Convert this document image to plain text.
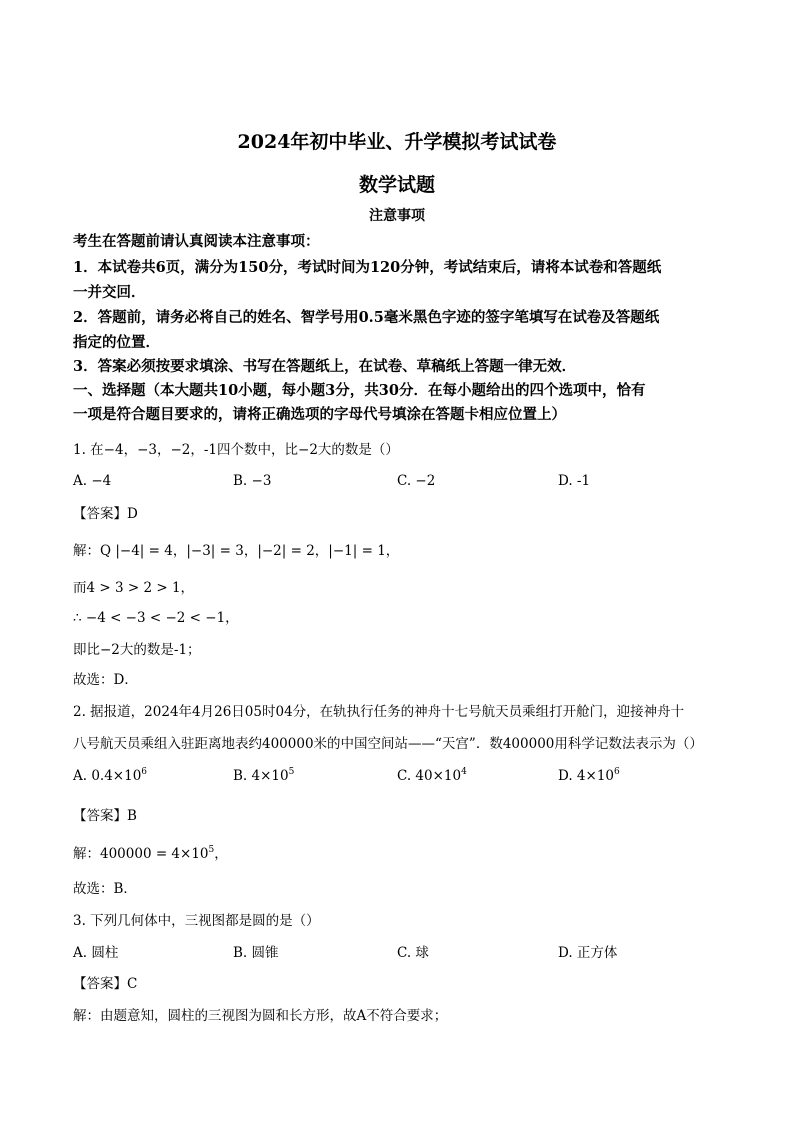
2024年初中毕业、升学模拟考试试卷
数学试题
注意事项
考生在答题前请认真阅读本注意事项：
1．本试卷共6页，满分为150分，考试时间为120分钟，考试结束后，请将本试卷和答题纸
一并交回．
2．答题前，请务必将自己的姓名、智学号用0.5毫米黑色字迹的签字笔填写在试卷及答题纸
指定的位置．
3．答案必须按要求填涂、书写在答题纸上，在试卷、草稿纸上答题一律无效．
一、选择题（本大题共10小题，每小题3分，共30分．在每小题给出的四个选项中，恰有
一项是符合题目要求的，请将正确选项的字母代号填涂在答题卡相应位置上）
1. 在−4，−3，−2，-1四个数中，比−2大的数是（）
A. −4	B. −3	C. −2	D. -1
【答案】D
解：Q |−4| = 4，|−3| = 3，|−2| = 2，|−1| = 1，
而4 > 3 > 2 > 1，
∴ −4 < −3 < −2 < −1，
即比−2大的数是-1；
故选：D．
2. 据报道，2024年4月26日05时04分，在轨执行任务的神舟十七号航天员乘组打开舱门，迎接神舟十
八号航天员乘组入驻距离地表约400000米的中国空间站——“天宫”．数400000用科学记数法表示为（）
A. $0.4\times 10^6$	B. $4\times 10^5$	C. $40\times 10^4$	D. $4\times 10^6$
【答案】B
解：$400000 = 4\times 10^5$，
故选：B．
3. 下列几何体中，三视图都是圆的是（）
A. 圆柱	B. 圆锥	C. 球	D. 正方体
【答案】C
解：由题意知，圆柱的三视图为圆和长方形，故A不符合要求；
